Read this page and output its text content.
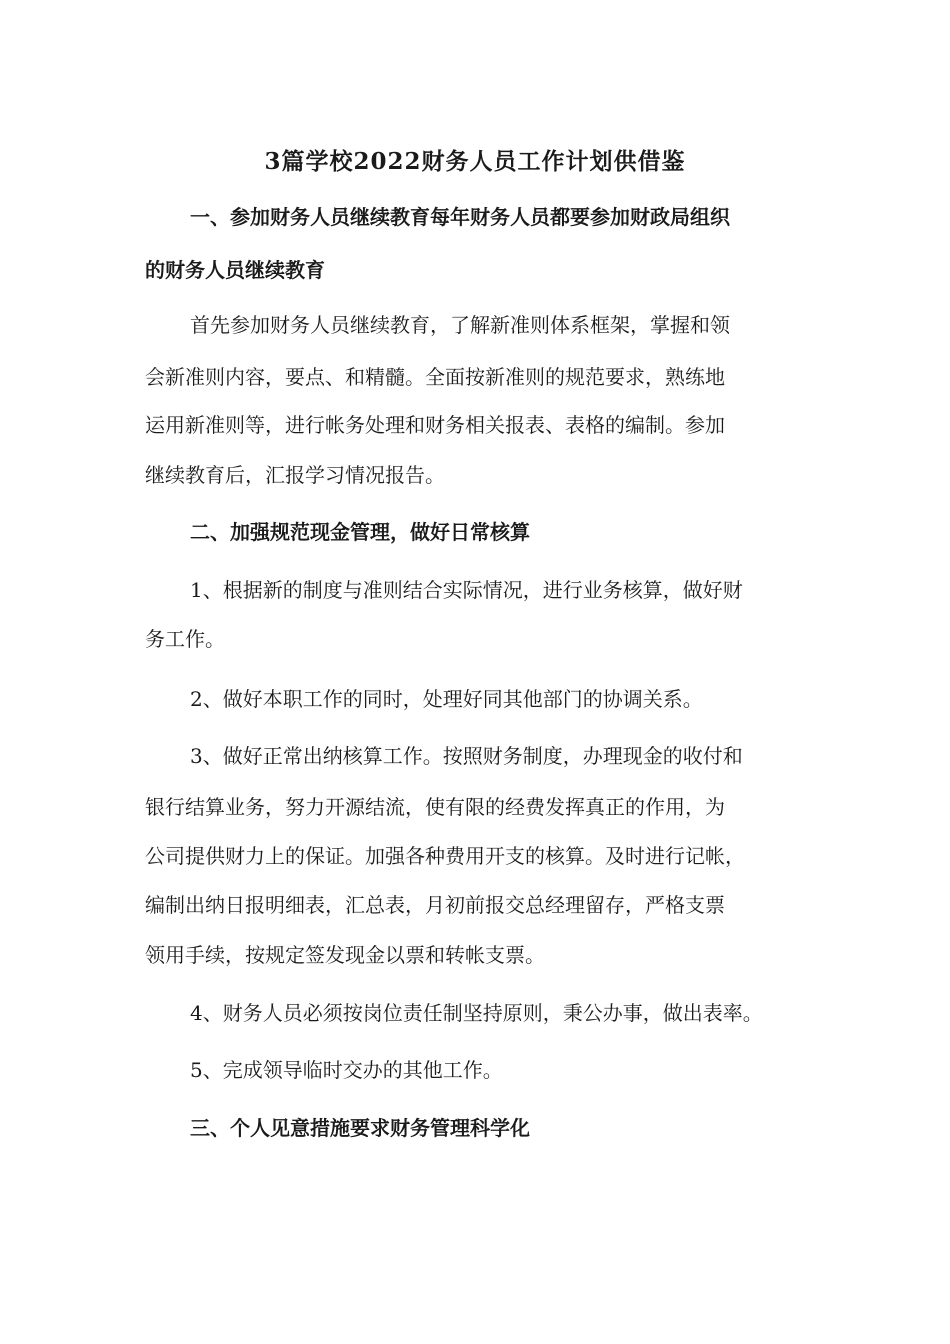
3篇学校2022财务人员工作计划供借鉴
一、参加财务人员继续教育每年财务人员都要参加财政局组织
的财务人员继续教育
首先参加财务人员继续教育，了解新准则体系框架，掌握和领
会新准则内容，要点、和精髓。全面按新准则的规范要求，熟练地
运用新准则等，进行帐务处理和财务相关报表、表格的编制。参加
继续教育后，汇报学习情况报告。
二、加强规范现金管理，做好日常核算
1、根据新的制度与准则结合实际情况，进行业务核算，做好财
务工作。
2、做好本职工作的同时，处理好同其他部门的协调关系。
3、做好正常出纳核算工作。按照财务制度，办理现金的收付和
银行结算业务，努力开源结流，使有限的经费发挥真正的作用，为
公司提供财力上的保证。加强各种费用开支的核算。及时进行记帐，
编制出纳日报明细表，汇总表，月初前报交总经理留存，严格支票
领用手续，按规定签发现金以票和转帐支票。
4、财务人员必须按岗位责任制坚持原则，秉公办事，做出表率。
5、完成领导临时交办的其他工作。
三、个人见意措施要求财务管理科学化
